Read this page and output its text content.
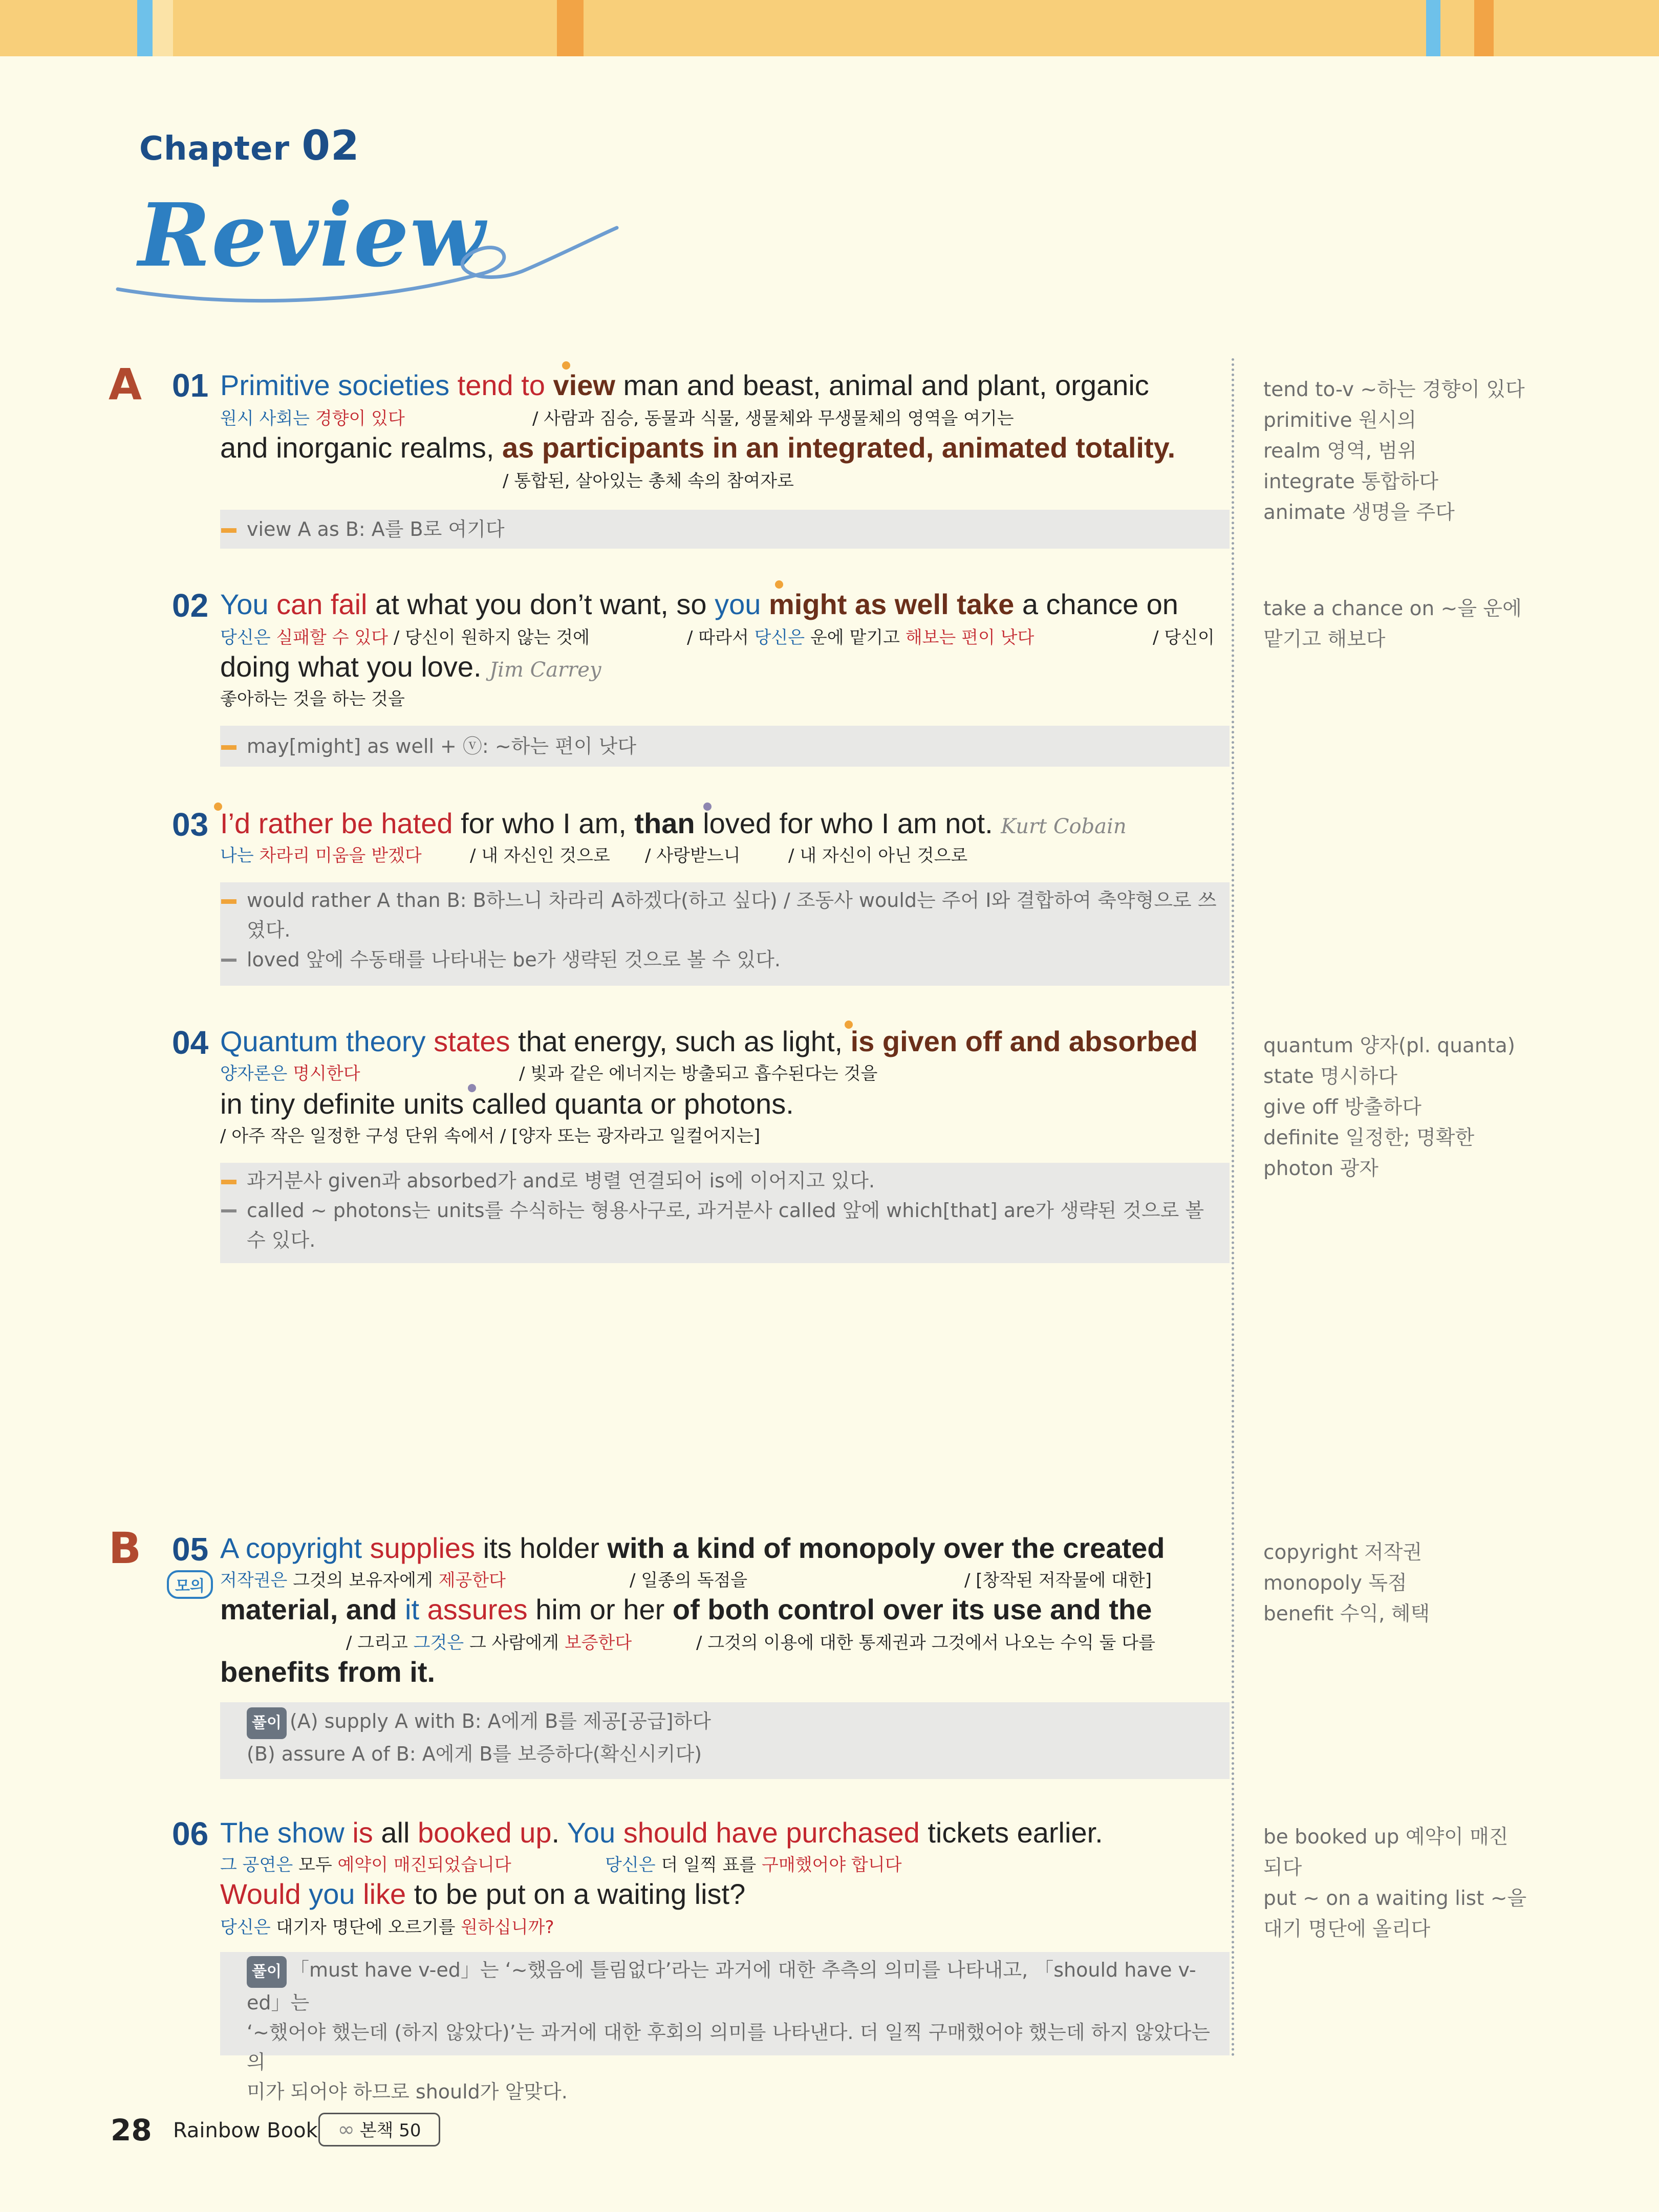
Chapter 02
Review
A 01 Primitive societies tend to view man and beast, animal and plant, organic
원시 사회는 경향이 있다	/ 사람과 짐승, 동물과 식물, 생물체와 무생물체의 영역을 여기는
and inorganic realms, as participants in an integrated, animated totality.
/ 통합된, 살아있는 총체 속의 참여자로
view A as B: A를 B로 여기다
tend to-v ~하는 경향이 있다
primitive 원시의
realm 영역, 범위
integrate 통합하다
animate 생명을 주다
02 You can fail at what you don’t want, so you might as well take a chance on
당신은 실패할 수 있다 / 당신이 원하지 않는 것에	/ 따라서 당신은 운에 맡기고 해보는 편이 낫다	/ 당신이
doing what you love. Jim Carrey
좋아하는 것을 하는 것을
may[might] as well + ⓥ: ~하는 편이 낫다
take a chance on ~을 운에
맡기고 해보다
03 I’d rather be hated for who I am, than loved for who I am not. Kurt Cobain
나는 차라리 미움을 받겠다	/ 내 자신인 것으로 / 사랑받느니	/ 내 자신이 아닌 것으로
would rather A than B: B하느니 차라리 A하겠다(하고 싶다) / 조동사 would는 주어 I와 결합하여 축약형으로 쓰
였다.
loved 앞에 수동태를 나타내는 be가 생략된 것으로 볼 수 있다.
04 Quantum theory states that energy, such as light, is given off and absorbed
양자론은 명시한다	/ 빛과 같은 에너지는 방출되고 흡수된다는 것을
in tiny definite units called quanta or photons.
/ 아주 작은 일정한 구성 단위 속에서 / [양자 또는 광자라고 일컬어지는]
과거분사 given과 absorbed가 and로 병렬 연결되어 is에 이어지고 있다.
called ~ photons는 units를 수식하는 형용사구로, 과거분사 called 앞에 which[that] are가 생략된 것으로 볼
수 있다.
quantum 양자(pl. quanta)
state 명시하다
give off 방출하다
definite 일정한; 명확한
photon 광자
B 05
모의
A copyright supplies its holder with a kind of monopoly over the created
저작권은 그것의 보유자에게 제공한다	/ 일종의 독점을	/ [창작된 저작물에 대한]
material, and it assures him or her of both control over its use and the
/ 그리고 그것은 그 사람에게 보증한다	/ 그것의 이용에 대한 통제권과 그것에서 나오는 수익 둘 다를
benefits from it.
풀이 (A) supply A with B: A에게 B를 제공[공급]하다
(B) assure A of B: A에게 B를 보증하다(확신시키다)
copyright 저작권
monopoly 독점
benefit 수익, 혜택
06 The show is all booked up. You should have purchased tickets earlier.
그 공연은 모두 예약이 매진되었습니다	당신은 더 일찍 표를 구매했어야 합니다
Would you like to be put on a waiting list?
당신은 대기자 명단에 오르기를 원하십니까?
풀이 「must have v-ed」는 ‘~했음에 틀림없다’라는 과거에 대한 추측의 의미를 나타내고, 「should have v-ed」는
‘~했어야 했는데 (하지 않았다)’는 과거에 대한 후회의 의미를 나타낸다. 더 일찍 구매했어야 했는데 하지 않았다는 의
미가 되어야 하므로 should가 알맞다.
be booked up 예약이 매진
되다
put ~ on a waiting list ~을
대기 명단에 올리다
28 Rainbow Book ∞ 본책 50
